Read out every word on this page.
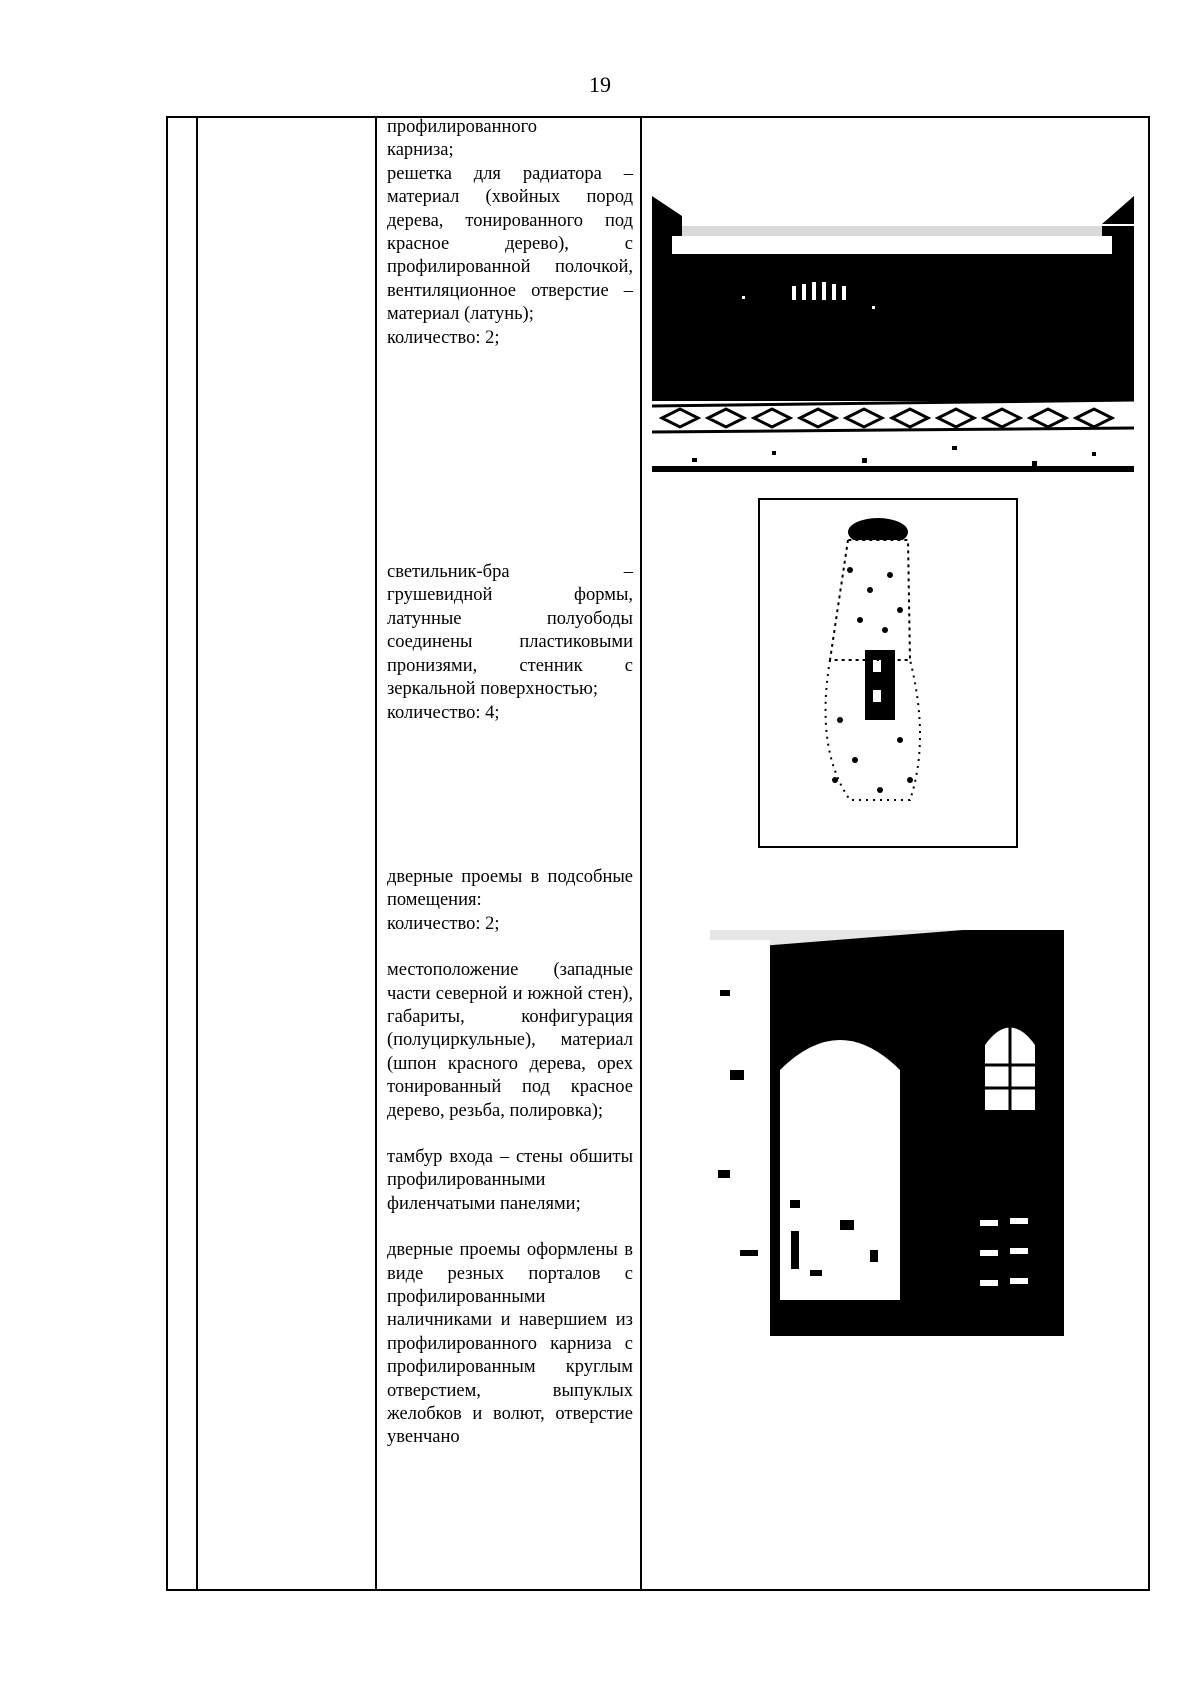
19

профилированного

карниза;

решетка для радиатора – материал (хвойных пород дерева, тонированного под красное дерево), с профилированной полочкой, вентиляционное отверстие – материал (латунь);

количество: 2;

светильник-бра – грушевидной формы, латунные полуободы соединены пластиковыми пронизями, стенник с зеркальной поверхностью;

количество: 4;

дверные проемы в подсобные помещения:

количество: 2;

местоположение (западные части северной и южной стен), габариты, конфигурация (полуциркульные), материал (шпон красного дерева, орех тонированный под красное дерево, резьба, полировка);

тамбур входа – стены обшиты профилированными филенчатыми панелями;

дверные проемы оформлены в виде резных порталов с профилированными наличниками и навершием из профилированного карниза с профилированным круглым отверстием, выпуклых желобков и волют, отверстие увенчано
